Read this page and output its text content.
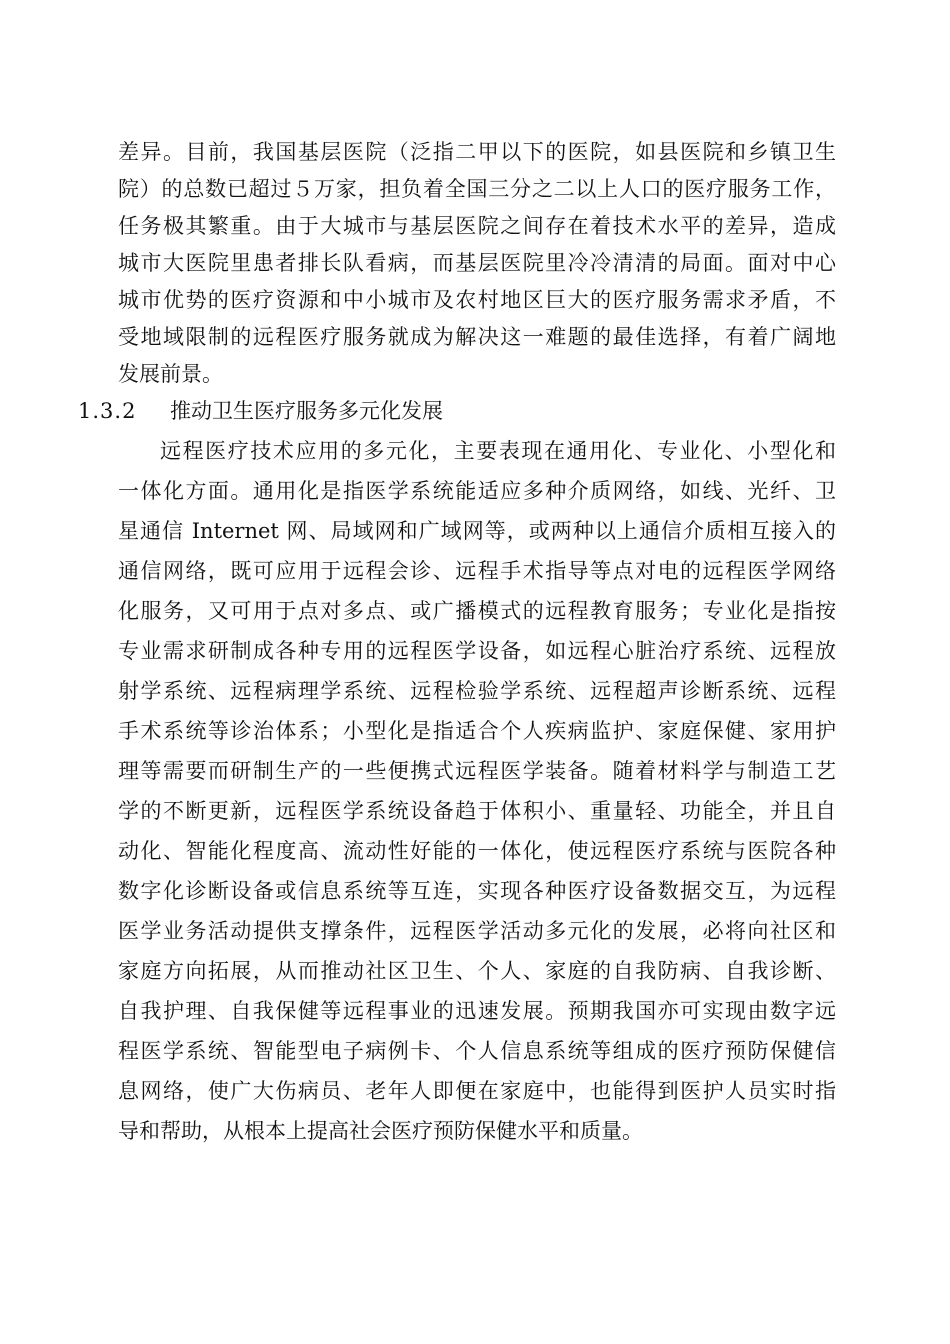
差异。目前，我国基层医院（泛指二甲以下的医院，如县医院和乡镇卫生
院）的总数已超过５万家，担负着全国三分之二以上人口的医疗服务工作，
任务极其繁重。由于大城市与基层医院之间存在着技术水平的差异，造成
城市大医院里患者排长队看病，而基层医院里冷冷清清的局面。面对中心
城市优势的医疗资源和中小城市及农村地区巨大的医疗服务需求矛盾，不
受地域限制的远程医疗服务就成为解决这一难题的最佳选择，有着广阔地
发展前景。
1.3.2 推动卫生医疗服务多元化发展
远程医疗技术应用的多元化，主要表现在通用化、专业化、小型化和
一体化方面。通用化是指医学系统能适应多种介质网络，如线、光纤、卫
星通信 Internet 网、局域网和广域网等，或两种以上通信介质相互接入的
通信网络，既可应用于远程会诊、远程手术指导等点对电的远程医学网络
化服务，又可用于点对多点、或广播模式的远程教育服务；专业化是指按
专业需求研制成各种专用的远程医学设备，如远程心脏治疗系统、远程放
射学系统、远程病理学系统、远程检验学系统、远程超声诊断系统、远程
手术系统等诊治体系；小型化是指适合个人疾病监护、家庭保健、家用护
理等需要而研制生产的一些便携式远程医学装备。随着材料学与制造工艺
学的不断更新，远程医学系统设备趋于体积小、重量轻、功能全，并且自
动化、智能化程度高、流动性好能的一体化，使远程医疗系统与医院各种
数字化诊断设备或信息系统等互连，实现各种医疗设备数据交互，为远程
医学业务活动提供支撑条件，远程医学活动多元化的发展，必将向社区和
家庭方向拓展，从而推动社区卫生、个人、家庭的自我防病、自我诊断、
自我护理、自我保健等远程事业的迅速发展。预期我国亦可实现由数字远
程医学系统、智能型电子病例卡、个人信息系统等组成的医疗预防保健信
息网络，使广大伤病员、老年人即便在家庭中，也能得到医护人员实时指
导和帮助，从根本上提高社会医疗预防保健水平和质量。
